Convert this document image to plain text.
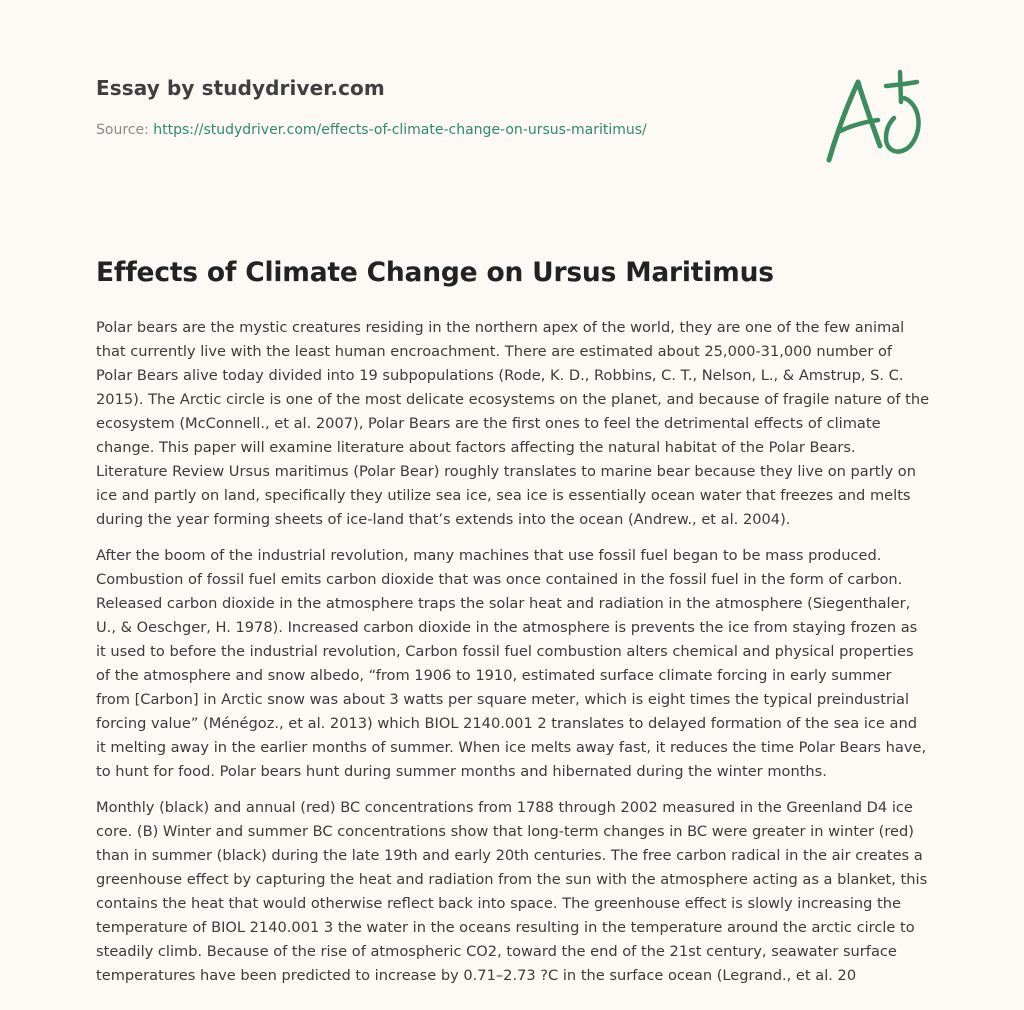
Essay by studydriver.com
Source: https://studydriver.com/effects-of-climate-change-on-ursus-maritimus/
Effects of Climate Change on Ursus Maritimus

Polar bears are the mystic creatures residing in the northern apex of the world, they are one of the few animal that currently live with the least human encroachment. There are estimated about 25,000-31,000 number of Polar Bears alive today divided into 19 subpopulations (Rode, K. D., Robbins, C. T., Nelson, L., & Amstrup, S. C. 2015). The Arctic circle is one of the most delicate ecosystems on the planet, and because of fragile nature of the ecosystem (McConnell., et al. 2007), Polar Bears are the first ones to feel the detrimental effects of climate change. This paper will examine literature about factors affecting the natural habitat of the Polar Bears. Literature Review Ursus maritimus (Polar Bear) roughly translates to marine bear because they live on partly on ice and partly on land, specifically they utilize sea ice, sea ice is essentially ocean water that freezes and melts during the year forming sheets of ice-land that’s extends into the ocean (Andrew., et al. 2004).

After the boom of the industrial revolution, many machines that use fossil fuel began to be mass produced. Combustion of fossil fuel emits carbon dioxide that was once contained in the fossil fuel in the form of carbon. Released carbon dioxide in the atmosphere traps the solar heat and radiation in the atmosphere (Siegenthaler, U., & Oeschger, H. 1978). Increased carbon dioxide in the atmosphere is prevents the ice from staying frozen as it used to before the industrial revolution, Carbon fossil fuel combustion alters chemical and physical properties of the atmosphere and snow albedo, “from 1906 to 1910, estimated surface climate forcing in early summer from [Carbon] in Arctic snow was about 3 watts per square meter, which is eight times the typical preindustrial forcing value” (Ménégoz., et al. 2013) which BIOL 2140.001 2 translates to delayed formation of the sea ice and it melting away in the earlier months of summer. When ice melts away fast, it reduces the time Polar Bears have, to hunt for food. Polar bears hunt during summer months and hibernated during the winter months.

Monthly (black) and annual (red) BC concentrations from 1788 through 2002 measured in the Greenland D4 ice core. (B) Winter and summer BC concentrations show that long-term changes in BC were greater in winter (red) than in summer (black) during the late 19th and early 20th centuries. The free carbon radical in the air creates a greenhouse effect by capturing the heat and radiation from the sun with the atmosphere acting as a blanket, this contains the heat that would otherwise reflect back into space. The greenhouse effect is slowly increasing the temperature of BIOL 2140.001 3 the water in the oceans resulting in the temperature around the arctic circle to steadily climb. Because of the rise of atmospheric CO2, toward the end of the 21st century, seawater surface temperatures have been predicted to increase by 0.71–2.73 ?C in the surface ocean (Legrand., et al. 20
